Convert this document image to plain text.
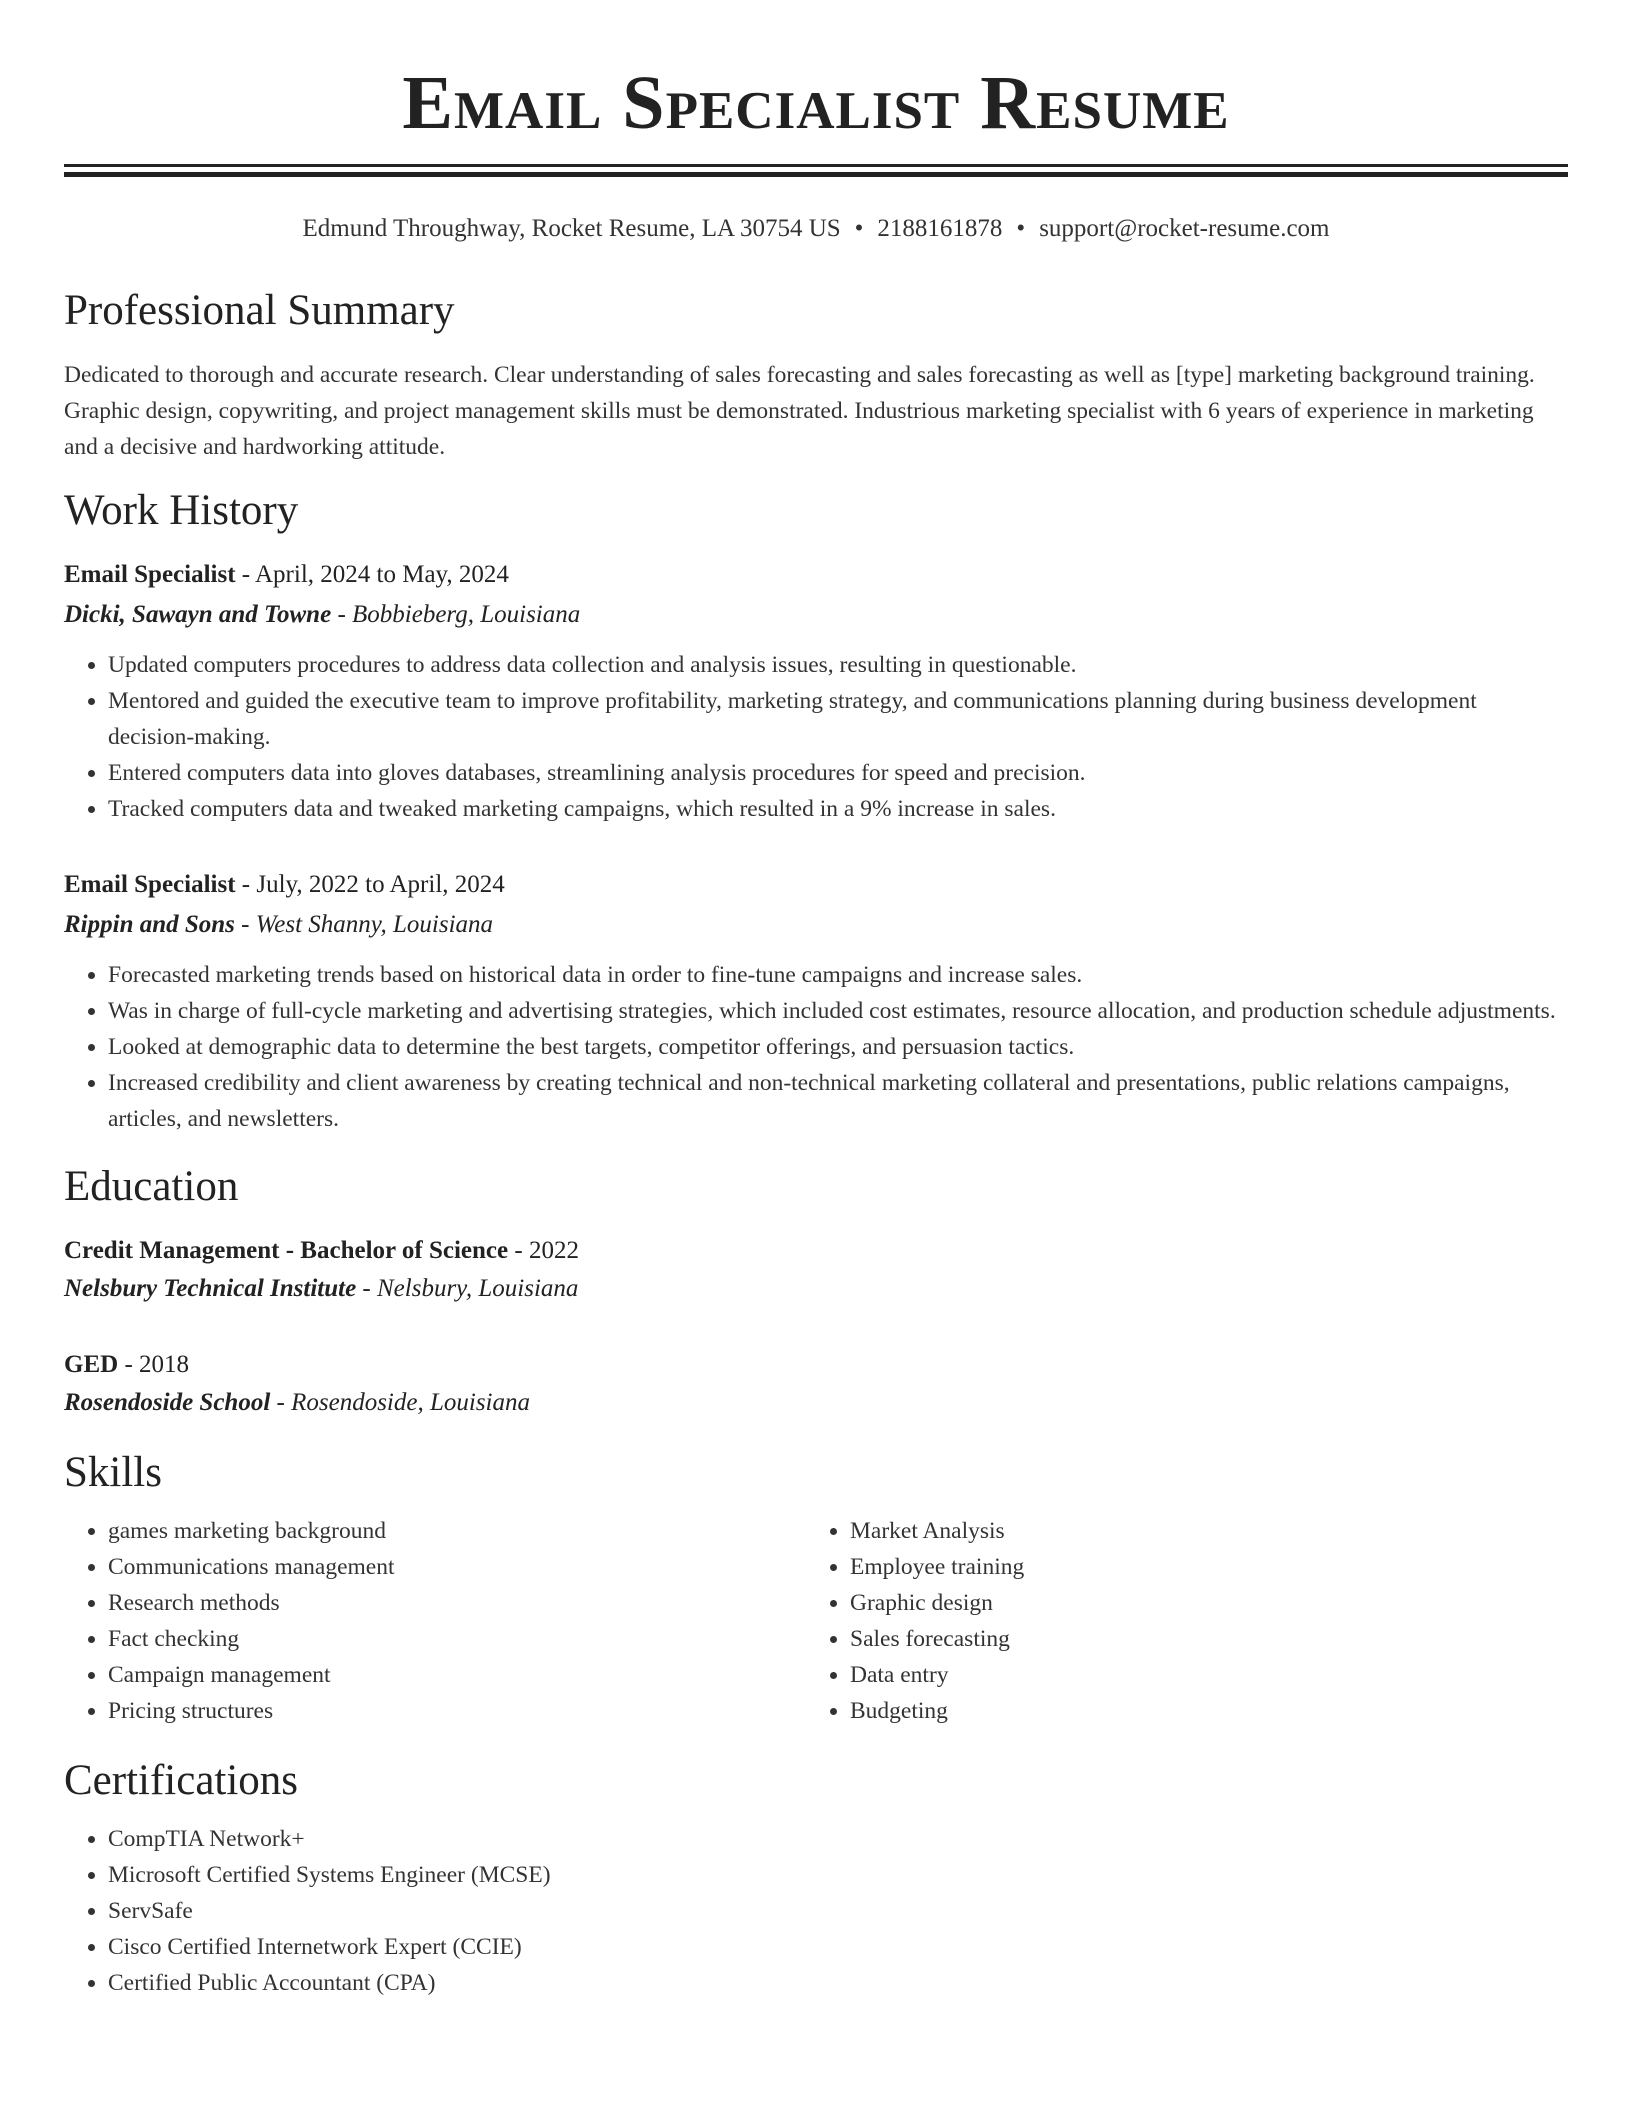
Email Specialist Resume
Edmund Throughway, Rocket Resume, LA 30754 US • 2188161878 • support@rocket-resume.com
Professional Summary
Dedicated to thorough and accurate research. Clear understanding of sales forecasting and sales forecasting as well as [type] marketing background training. Graphic design, copywriting, and project management skills must be demonstrated. Industrious marketing specialist with 6 years of experience in marketing and a decisive and hardworking attitude.
Work History
Email Specialist - April, 2024 to May, 2024
Dicki, Sawayn and Towne - Bobbieberg, Louisiana
• Updated computers procedures to address data collection and analysis issues, resulting in questionable.
• Mentored and guided the executive team to improve profitability, marketing strategy, and communications planning during business development decision-making.
• Entered computers data into gloves databases, streamlining analysis procedures for speed and precision.
• Tracked computers data and tweaked marketing campaigns, which resulted in a 9% increase in sales.
Email Specialist - July, 2022 to April, 2024
Rippin and Sons - West Shanny, Louisiana
• Forecasted marketing trends based on historical data in order to fine-tune campaigns and increase sales.
• Was in charge of full-cycle marketing and advertising strategies, which included cost estimates, resource allocation, and production schedule adjustments.
• Looked at demographic data to determine the best targets, competitor offerings, and persuasion tactics.
• Increased credibility and client awareness by creating technical and non-technical marketing collateral and presentations, public relations campaigns, articles, and newsletters.
Education
Credit Management - Bachelor of Science - 2022
Nelsbury Technical Institute - Nelsbury, Louisiana
GED - 2018
Rosendoside School - Rosendoside, Louisiana
Skills
• games marketing background
• Communications management
• Research methods
• Fact checking
• Campaign management
• Pricing structures
• Market Analysis
• Employee training
• Graphic design
• Sales forecasting
• Data entry
• Budgeting
Certifications
• CompTIA Network+
• Microsoft Certified Systems Engineer (MCSE)
• ServSafe
• Cisco Certified Internetwork Expert (CCIE)
• Certified Public Accountant (CPA)
